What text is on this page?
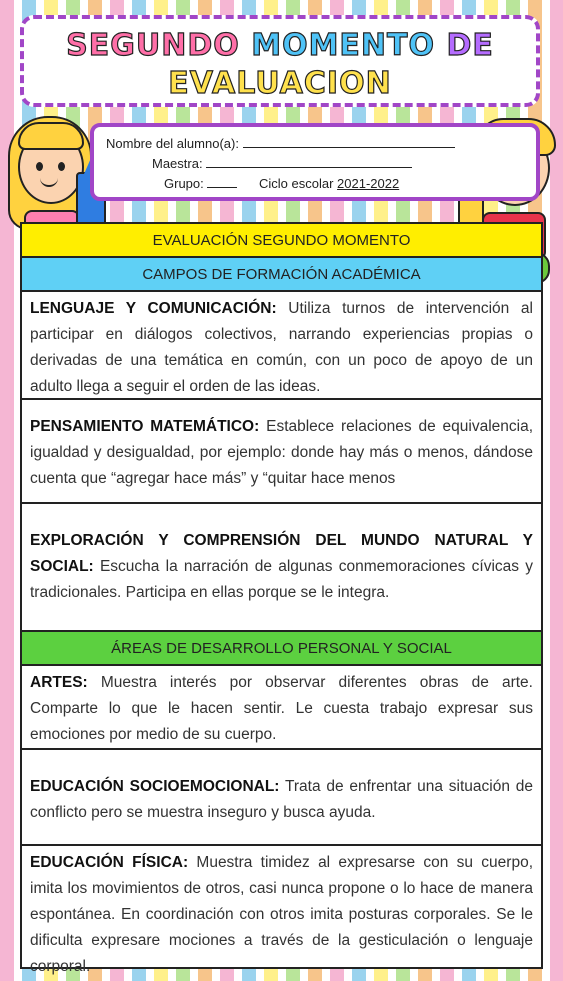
SEGUNDO MOMENTO DE
EVALUACION
Nombre del alumno(a):
Maestra:
Grupo:	Ciclo escolar 2021-2022
EVALUACIÓN SEGUNDO MOMENTO
CAMPOS DE FORMACIÓN ACADÉMICA
LENGUAJE Y COMUNICACIÓN: Utiliza turnos de intervención al participar en diálogos colectivos, narrando experiencias propias o derivadas de una temática en común, con un poco de apoyo de un adulto llega a seguir el orden de las ideas.
PENSAMIENTO MATEMÁTICO: Establece relaciones de equivalencia, igualdad y desigualdad, por ejemplo: donde hay más o menos, dándose cuenta que “agregar hace más” y “quitar hace menos
EXPLORACIÓN Y COMPRENSIÓN DEL MUNDO NATURAL Y SOCIAL: Escucha la narración de algunas conmemoraciones cívicas y tradicionales. Participa en ellas porque se le integra.
ÁREAS DE DESARROLLO PERSONAL Y SOCIAL
ARTES: Muestra interés por observar diferentes obras de arte. Comparte lo que le hacen sentir. Le cuesta trabajo expresar sus emociones por medio de su cuerpo.
EDUCACIÓN SOCIOEMOCIONAL: Trata de enfrentar una situación de conflicto pero se muestra inseguro y busca ayuda.
EDUCACIÓN FÍSICA: Muestra timidez al expresarse con su cuerpo, imita los movimientos de otros, casi nunca propone o lo hace de manera espontánea. En coordinación con otros imita posturas corporales. Se le dificulta expresare mociones a través de la gesticulación o lenguaje corporal.
